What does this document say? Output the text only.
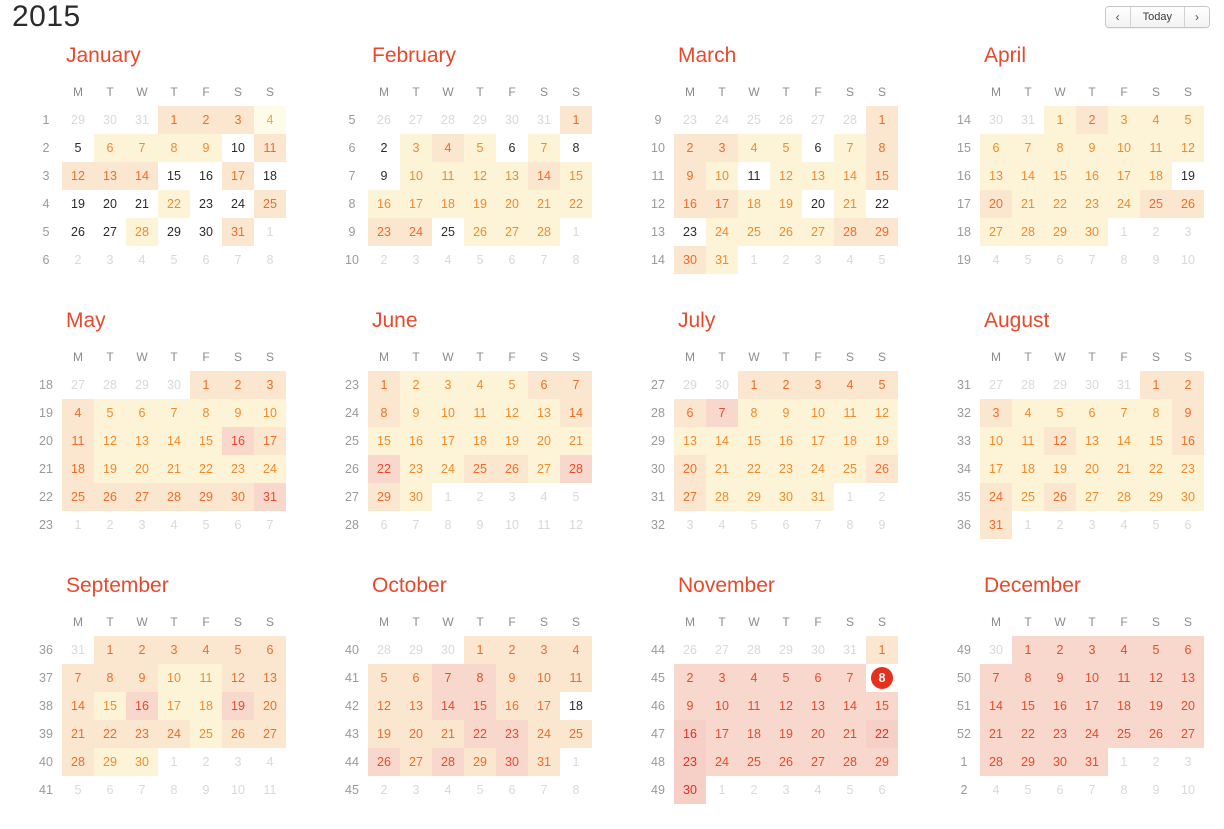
2015	‹	Today	›
January
	M	T	W	T	F	S	S
1	29	30	31	1	2	3	4
2	5	6	7	8	9	10	11
3	12	13	14	15	16	17	18
4	19	20	21	22	23	24	25
5	26	27	28	29	30	31	1
6	2	3	4	5	6	7	8
February
	M	T	W	T	F	S	S
5	26	27	28	29	30	31	1
6	2	3	4	5	6	7	8
7	9	10	11	12	13	14	15
8	16	17	18	19	20	21	22
9	23	24	25	26	27	28	1
10	2	3	4	5	6	7	8
March
	M	T	W	T	F	S	S
9	23	24	25	26	27	28	1
10	2	3	4	5	6	7	8
11	9	10	11	12	13	14	15
12	16	17	18	19	20	21	22
13	23	24	25	26	27	28	29
14	30	31	1	2	3	4	5
April
	M	T	W	T	F	S	S
14	30	31	1	2	3	4	5
15	6	7	8	9	10	11	12
16	13	14	15	16	17	18	19
17	20	21	22	23	24	25	26
18	27	28	29	30	1	2	3
19	4	5	6	7	8	9	10
May
	M	T	W	T	F	S	S
18	27	28	29	30	1	2	3
19	4	5	6	7	8	9	10
20	11	12	13	14	15	16	17
21	18	19	20	21	22	23	24
22	25	26	27	28	29	30	31
23	1	2	3	4	5	6	7
June
	M	T	W	T	F	S	S
23	1	2	3	4	5	6	7
24	8	9	10	11	12	13	14
25	15	16	17	18	19	20	21
26	22	23	24	25	26	27	28
27	29	30	1	2	3	4	5
28	6	7	8	9	10	11	12
July
	M	T	W	T	F	S	S
27	29	30	1	2	3	4	5
28	6	7	8	9	10	11	12
29	13	14	15	16	17	18	19
30	20	21	22	23	24	25	26
31	27	28	29	30	31	1	2
32	3	4	5	6	7	8	9
August
	M	T	W	T	F	S	S
31	27	28	29	30	31	1	2
32	3	4	5	6	7	8	9
33	10	11	12	13	14	15	16
34	17	18	19	20	21	22	23
35	24	25	26	27	28	29	30
36	31	1	2	3	4	5	6
September
	M	T	W	T	F	S	S
36	31	1	2	3	4	5	6
37	7	8	9	10	11	12	13
38	14	15	16	17	18	19	20
39	21	22	23	24	25	26	27
40	28	29	30	1	2	3	4
41	5	6	7	8	9	10	11
October
	M	T	W	T	F	S	S
40	28	29	30	1	2	3	4
41	5	6	7	8	9	10	11
42	12	13	14	15	16	17	18
43	19	20	21	22	23	24	25
44	26	27	28	29	30	31	1
45	2	3	4	5	6	7	8
November
	M	T	W	T	F	S	S
44	26	27	28	29	30	31	1
45	2	3	4	5	6	7	8
46	9	10	11	12	13	14	15
47	16	17	18	19	20	21	22
48	23	24	25	26	27	28	29
49	30	1	2	3	4	5	6
December
	M	T	W	T	F	S	S
49	30	1	2	3	4	5	6
50	7	8	9	10	11	12	13
51	14	15	16	17	18	19	20
52	21	22	23	24	25	26	27
1	28	29	30	31	1	2	3
2	4	5	6	7	8	9	10
